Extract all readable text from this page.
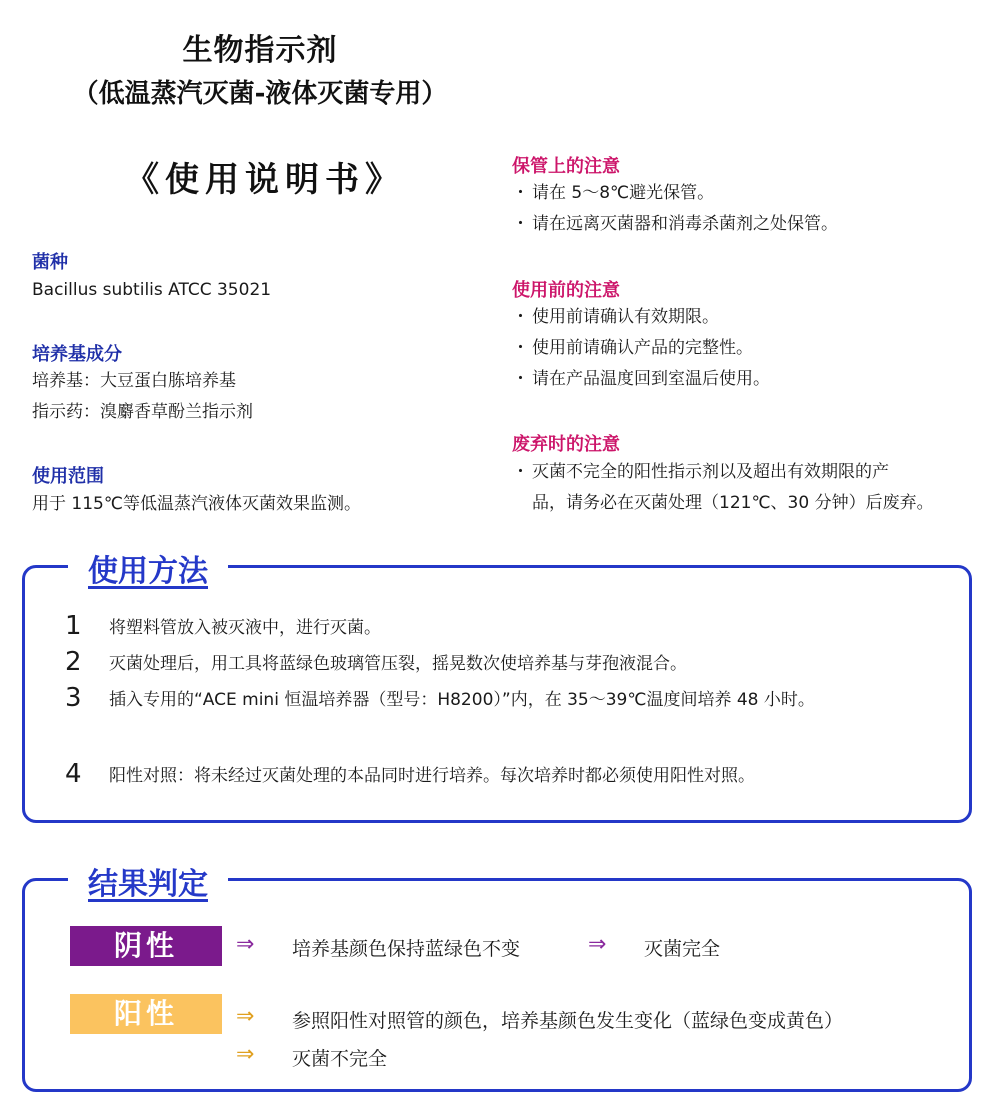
生物指示剂
（低温蒸汽灭菌-液体灭菌专用）
《使用说明书》
菌种
Bacillus subtilis ATCC 35021
培养基成分
培养基：大豆蛋白胨培养基
指示药：溴麝香草酚兰指示剂
使用范围
用于 115℃等低温蒸汽液体灭菌效果监测。
保管上的注意
・ 请在 5～8℃避光保管。
・ 请在远离灭菌器和消毒杀菌剂之处保管。
使用前的注意
・ 使用前请确认有效期限。
・ 使用前请确认产品的完整性。
・ 请在产品温度回到室温后使用。
废弃时的注意
・ 灭菌不完全的阳性指示剂以及超出有效期限的产
品，请务必在灭菌处理（121℃、30 分钟）后废弃。
使用方法
1	将塑料管放入被灭液中，进行灭菌。
2	灭菌处理后，用工具将蓝绿色玻璃管压裂，摇晃数次使培养基与芽孢液混合。
3	插入专用的“ACE mini 恒温培养器（型号：H8200）”内，在 35～39℃温度间培养 48 小时。
4	阳性对照：将未经过灭菌处理的本品同时进行培养。每次培养时都必须使用阳性对照。
结果判定
阴性	⇒ 培养基颜色保持蓝绿色不变	⇒ 灭菌完全
阳性	⇒ 参照阳性对照管的颜色，培养基颜色发生变化（蓝绿色变成黄色）
⇒ 灭菌不完全
